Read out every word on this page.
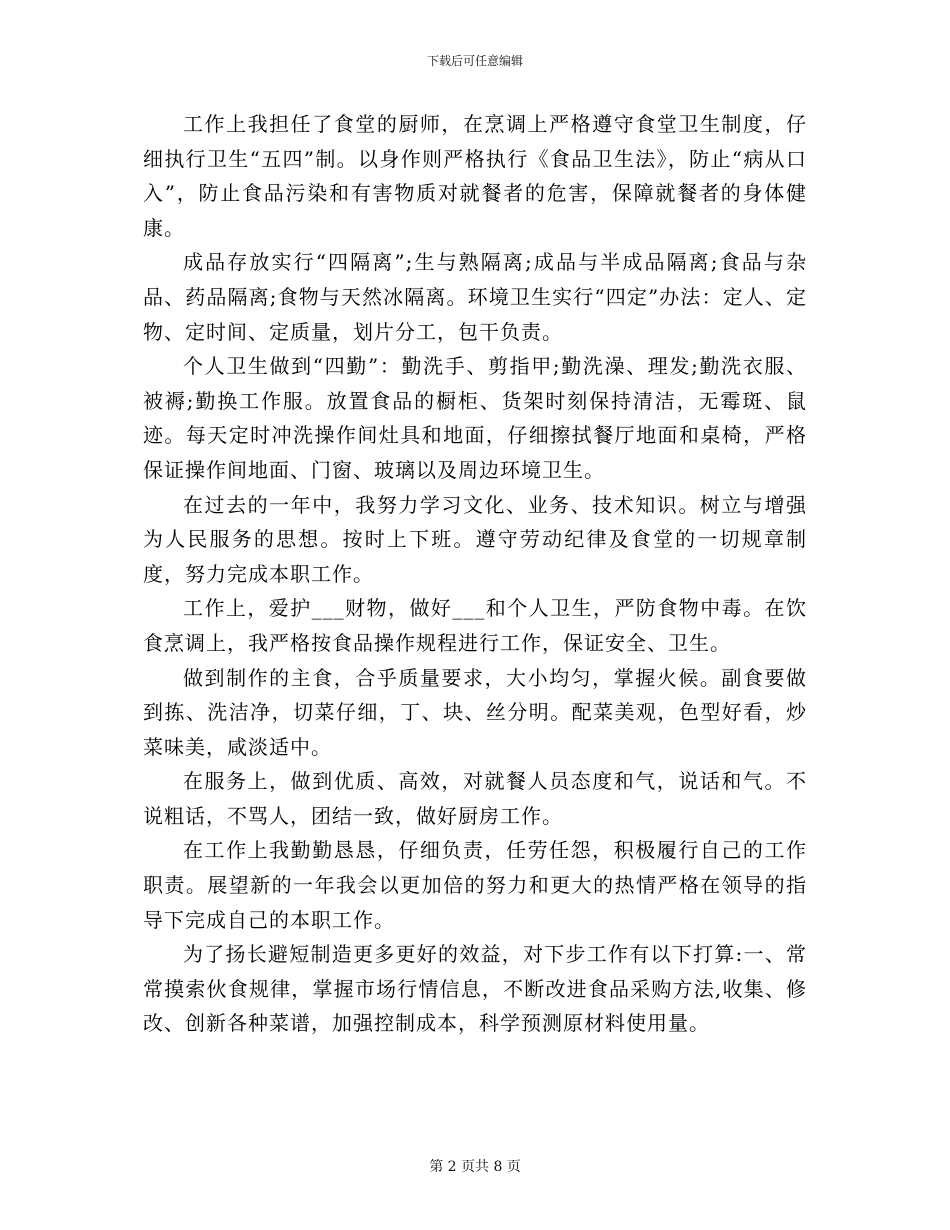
下载后可任意编辑

工作上我担任了食堂的厨师，在烹调上严格遵守食堂卫生制度，仔细执行卫生“五四”制。以身作则严格执行《食品卫生法》，防止“病从口入”，防止食品污染和有害物质对就餐者的危害，保障就餐者的身体健康。

成品存放实行“四隔离”;生与熟隔离;成品与半成品隔离;食品与杂品、药品隔离;食物与天然冰隔离。环境卫生实行“四定”办法：定人、定物、定时间、定质量，划片分工，包干负责。

个人卫生做到“四勤”：勤洗手、剪指甲;勤洗澡、理发;勤洗衣服、被褥;勤换工作服。放置食品的橱柜、货架时刻保持清洁，无霉斑、鼠迹。每天定时冲洗操作间灶具和地面，仔细擦拭餐厅地面和桌椅，严格保证操作间地面、门窗、玻璃以及周边环境卫生。

在过去的一年中，我努力学习文化、业务、技术知识。树立与增强为人民服务的思想。按时上下班。遵守劳动纪律及食堂的一切规章制度，努力完成本职工作。

工作上，爱护___财物，做好___和个人卫生，严防食物中毒。在饮食烹调上，我严格按食品操作规程进行工作，保证安全、卫生。

做到制作的主食，合乎质量要求，大小均匀，掌握火候。副食要做到拣、洗洁净，切菜仔细，丁、块、丝分明。配菜美观，色型好看，炒菜味美，咸淡适中。

在服务上，做到优质、高效，对就餐人员态度和气，说话和气。不说粗话，不骂人，团结一致，做好厨房工作。

在工作上我勤勤恳恳，仔细负责，任劳任怨，积极履行自己的工作职责。展望新的一年我会以更加倍的努力和更大的热情严格在领导的指导下完成自己的本职工作。

为了扬长避短制造更多更好的效益，对下步工作有以下打算:一、常常摸索伙食规律，掌握市场行情信息，不断改进食品采购方法,收集、修改、创新各种菜谱，加强控制成本，科学预测原材料使用量。

第 2 页共 8 页
